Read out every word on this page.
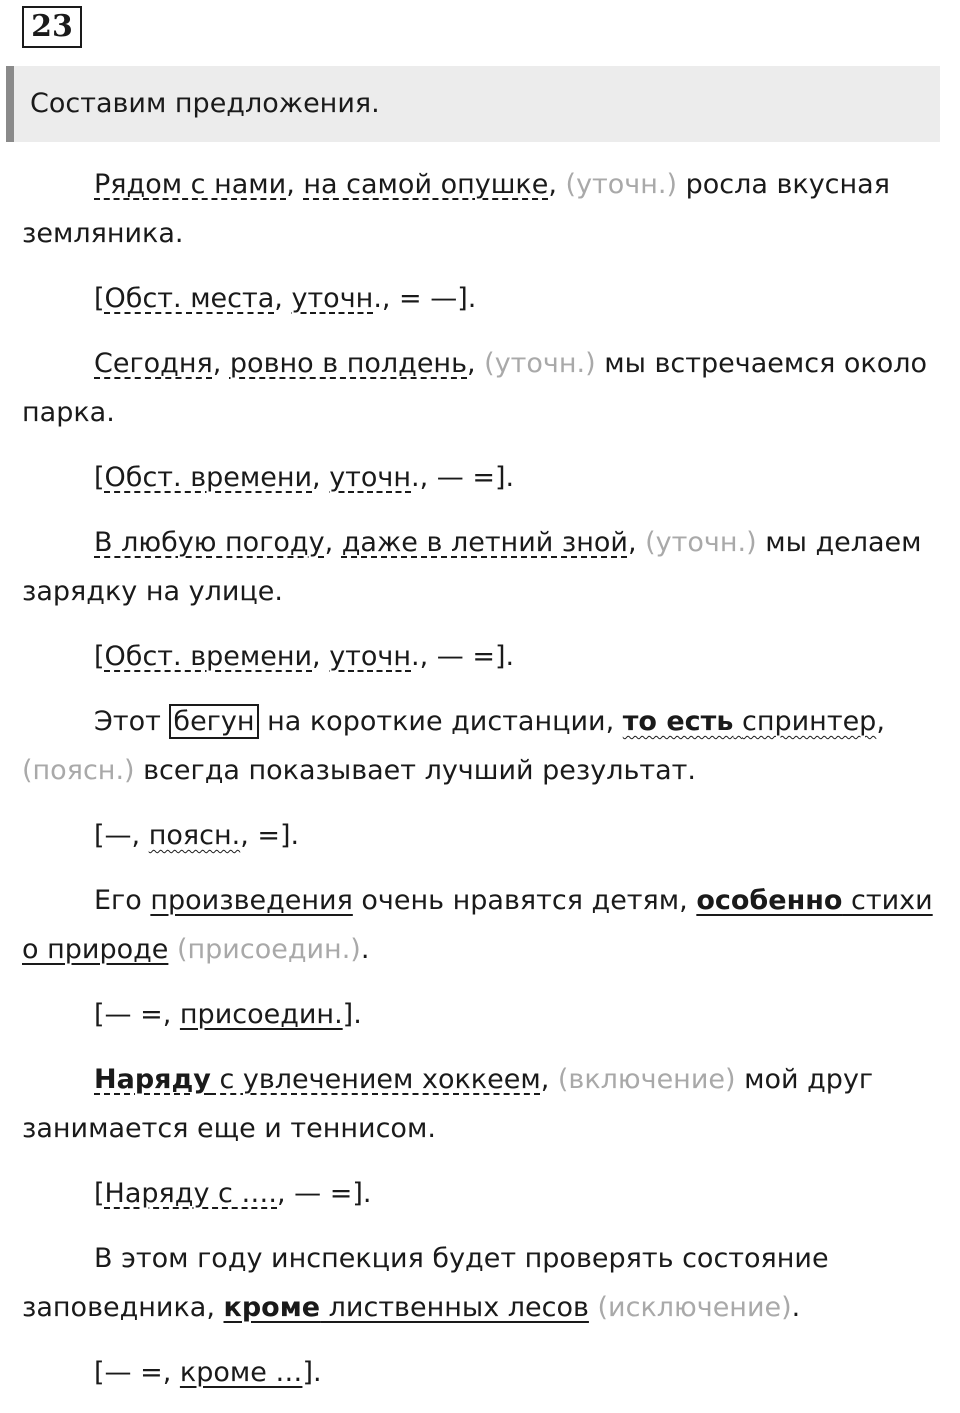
23
Составим предложения.

Рядом с нами, на самой опушке, (уточн.) росла вкусная земляника.

[Обст. места, уточн., = —].

Сегодня, ровно в полдень, (уточн.) мы встречаемся около парка.

[Обст. времени, уточн., — =].

В любую погоду, даже в летний зной, (уточн.) мы делаем зарядку на улице.

[Обст. времени, уточн., — =].

Этот бегун на короткие дистанции, то есть спринтер, (поясн.) всегда показывает лучший результат.

[—, поясн., =].

Его произведения очень нравятся детям, особенно стихи о природе (присоедин.).

[— =, присоедин.].

Наряду с увлечением хоккеем, (включение) мой друг занимается еще и теннисом.

[Наряду с …., — =].

В этом году инспекция будет проверять состояние заповедника, кроме лиственных лесов (исключение).

[— =, кроме …].
